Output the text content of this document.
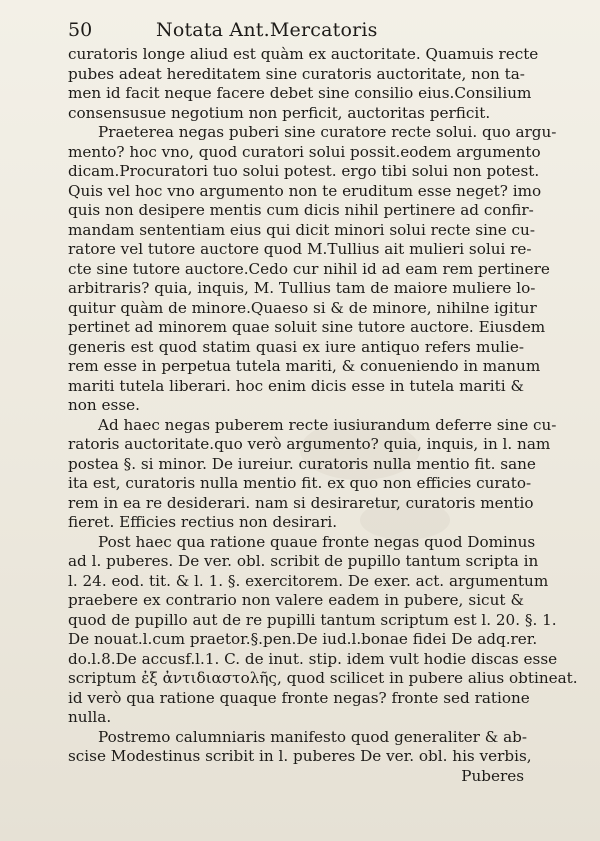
50	Notata Ant.Mercatoris
curatoris longe aliud est quàm ex auctoritate. Quamuis recte
pubes adeat hereditatem sine curatoris auctoritate, non ta-
men id facit neque facere debet sine consilio eius.Consilium
consensusue negotium non perficit, auctoritas perficit.
Praeterea negas puberi sine curatore recte solui. quo argu-
mento? hoc vno, quod curatori solui possit.eodem argumento
dicam.Procuratori tuo solui potest. ergo tibi solui non potest.
Quis vel hoc vno argumento non te eruditum esse neget? imo
quis non desipere mentis cum dicis nihil pertinere ad confir-
mandam sententiam eius qui dicit minori solui recte sine cu-
ratore vel tutore auctore quod M.Tullius ait mulieri solui re-
cte sine tutore auctore.Cedo cur nihil id ad eam rem pertinere
arbitraris? quia, inquis, M. Tullius tam de maiore muliere lo-
quitur quàm de minore.Quaeso si & de minore, nihilne igitur
pertinet ad minorem quae soluit sine tutore auctore. Eiusdem
generis est quod statim quasi ex iure antiquo refers mulie-
rem esse in perpetua tutela mariti, & conueniendo in manum
mariti tutela liberari. hoc enim dicis esse in tutela mariti &
non esse.
Ad haec negas puberem recte iusiurandum deferre sine cu-
ratoris auctoritate.quo verò argumento? quia, inquis, in l. nam
postea §. si minor. De iureiur. curatoris nulla mentio fit. sane
ita est, curatoris nulla mentio fit. ex quo non efficies curato-
rem in ea re desiderari. nam si desiraretur, curatoris mentio
fieret. Efficies rectius non desirari.
Post haec qua ratione quaue fronte negas quod Dominus
ad l. puberes. De ver. obl. scribit de pupillo tantum scripta in
l. 24. eod. tit. & l. 1. §. exercitorem. De exer. act. argumentum
praebere ex contrario non valere eadem in pubere, sicut &
quod de pupillo aut de re pupilli tantum scriptum est l. 20. §. 1.
De nouat.l.cum praetor.§.pen.De iud.l.bonae fidei De adq.rer.
do.l.8.De accusf.l.1. C. de inut. stip. idem vult hodie discas esse
scriptum ἐξ ἀντιδιαστολῆς, quod scilicet in pubere alius obtineat.
id verò qua ratione quaque fronte negas? fronte sed ratione
nulla.
Postremo calumniaris manifesto quod generaliter & ab-
scise Modestinus scribit in l. puberes De ver. obl. his verbis,
Puberes
